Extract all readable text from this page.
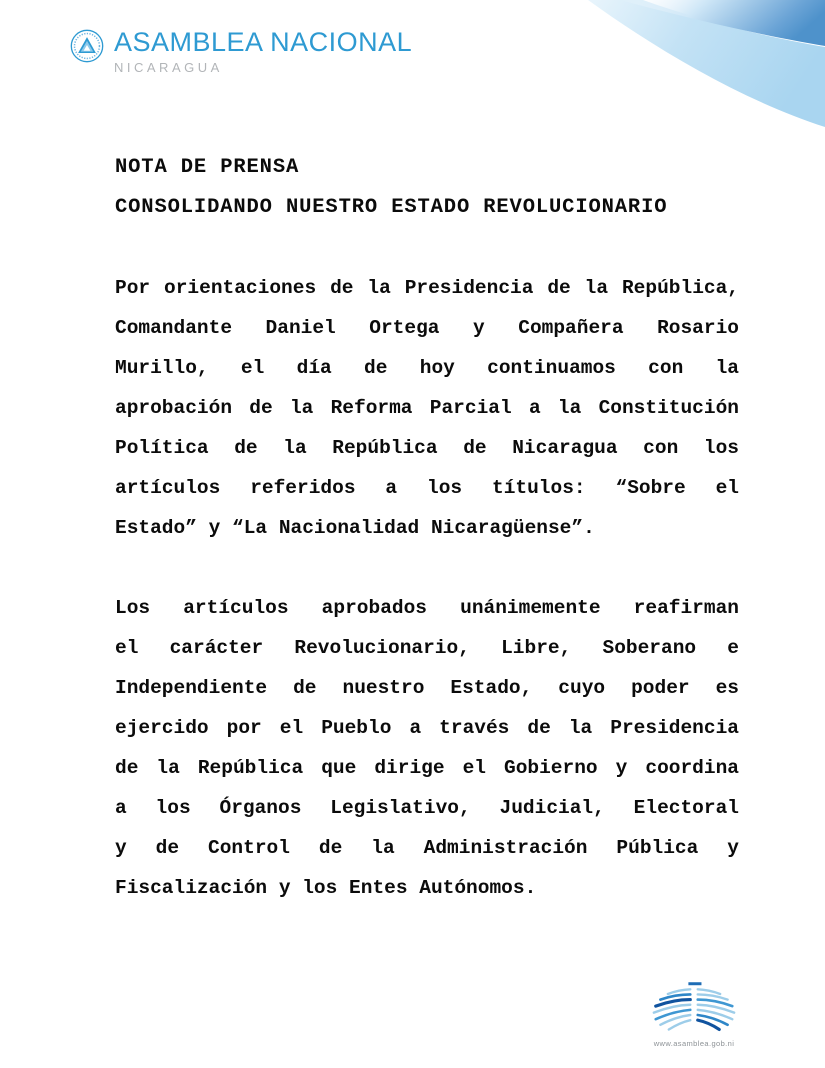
ASAMBLEA NACIONAL
NICARAGUA
NOTA DE PRENSA
CONSOLIDANDO NUESTRO ESTADO REVOLUCIONARIO
Por orientaciones de la Presidencia de la República,
Comandante Daniel Ortega y Compañera Rosario
Murillo, el día de hoy continuamos con la
aprobación de la Reforma Parcial a la Constitución
Política de la República de Nicaragua con los
artículos referidos a los títulos: “Sobre el
Estado” y “La Nacionalidad Nicaragüense”.
Los artículos aprobados unánimemente reafirman
el carácter Revolucionario, Libre, Soberano e
Independiente de nuestro Estado, cuyo poder es
ejercido por el Pueblo a través de la Presidencia
de la República que dirige el Gobierno y coordina
a los Órganos Legislativo, Judicial, Electoral
y de Control de la Administración Pública y
Fiscalización y los Entes Autónomos.
www.asamblea.gob.ni
